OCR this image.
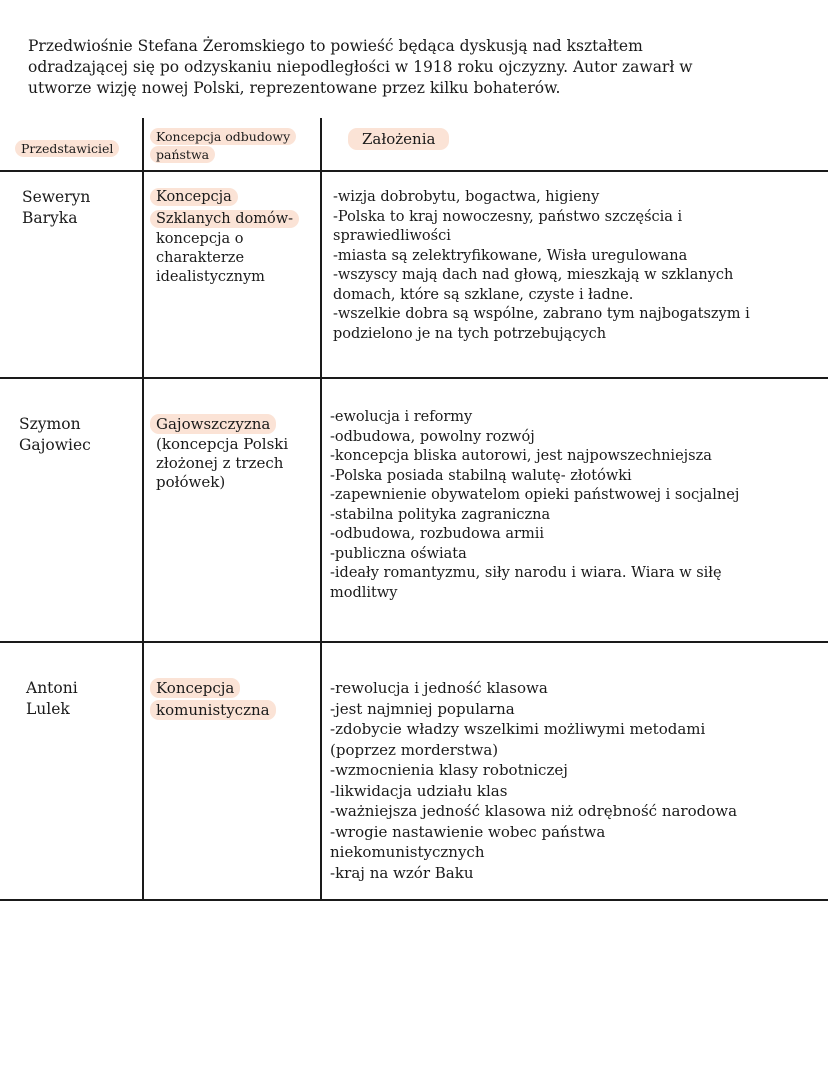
Przedwiośnie Stefana Żeromskiego to powieść będąca dyskusją nad kształtem
odradzającej się po odzyskaniu niepodległości w 1918 roku ojczyzny. Autor zawarł w
utworze wizję nowej Polski, reprezentowane przez kilku bohaterów.

Przedstawiciel
Koncepcja odbudowy państwa
Założenia
Seweryn
Baryka
Koncepcja
Szklanych domów-
koncepcja o
charakterze
idealistycznym
-wizja dobrobytu, bogactwa, higieny
-Polska to kraj nowoczesny, państwo szczęścia i
sprawiedliwości
-miasta są zelektryfikowane, Wisła uregulowana
-wszyscy mają dach nad głową, mieszkają w szklanych
domach, które są szklane, czyste i ładne.
-wszelkie dobra są wspólne, zabrano tym najbogatszym i
podzielono je na tych potrzebujących
Szymon
Gajowiec
Gajowszczyzna
(koncepcja Polski
złożonej z trzech
połówek)
-ewolucja i reformy
-odbudowa, powolny rozwój
-koncepcja bliska autorowi, jest najpowszechniejsza
-Polska posiada stabilną walutę- złotówki
-zapewnienie obywatelom opieki państwowej i socjalnej
-stabilna polityka zagraniczna
-odbudowa, rozbudowa armii
-publiczna oświata
-ideały romantyzmu, siły narodu i wiara. Wiara w siłę
modlitwy
Antoni
Lulek
Koncepcja
komunistyczna
-rewolucja i jedność klasowa
-jest najmniej popularna
-zdobycie władzy wszelkimi możliwymi metodami
(poprzez morderstwa)
-wzmocnienia klasy robotniczej
-likwidacja udziału klas
-ważniejsza jedność klasowa niż odrębność narodowa
-wrogie nastawienie wobec państwa
niekomunistycznych
-kraj na wzór Baku
